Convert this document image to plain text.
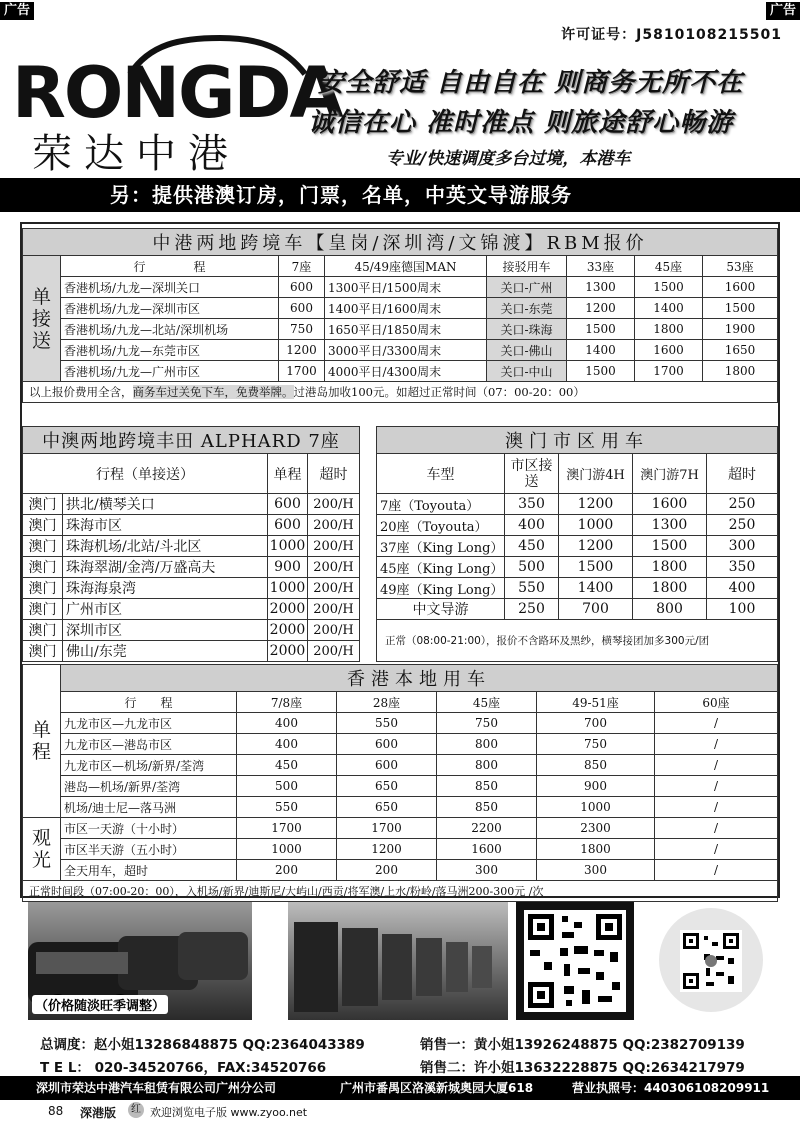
广告	广告
许可证号：J5810108215501
RONGDA
荣达中港
安全舒适 自由自在 则商务无所不在
诚信在心 准时准点 则旅途舒心畅游
专业/快速调度多台过境，本港车
另：提供港澳订房，门票，名单，中英文导游服务
中港两地跨境车【皇岗/深圳湾/文锦渡】RBM报价							
单接送	行　　　　程	7座	45/49座德国MAN	接驳用车	33座	45座	53座
	香港机场/九龙—深圳关口	600	1300平日/1500周末	关口-广州	1300	1500	1600
	香港机场/九龙—深圳市区	600	1400平日/1600周末	关口-东莞	1200	1400	1500
	香港机场/九龙—北站/深圳机场	750	1650平日/1850周末	关口-珠海	1500	1800	1900
	香港机场/九龙—东莞市区	1200	3000平日/3300周末	关口-佛山	1400	1600	1650
	香港机场/九龙—广州市区	1700	4000平日/4300周末	关口-中山	1500	1700	1800
以上报价费用全含，商务车过关免下车，免费举牌。过港岛加收100元。如超过正常时间（07：00-20：00）							
中澳两地跨境丰田 ALPHARD 7座			
行程（单接送）		单程	超时
澳门	拱北/横琴关口	600	200/H
澳门	珠海市区	600	200/H
澳门	珠海机场/北站/斗北区	1000	200/H
澳门	珠海翠湖/金湾/万盛高夫	900	200/H
澳门	珠海海泉湾	1000	200/H
澳门	广州市区	2000	200/H
澳门	深圳市区	2000	200/H
澳门	佛山/东莞	2000	200/H
澳门市区用车				
车型	市区接送	澳门游4H	澳门游7H	超时
7座（Toyouta）	350	1200	1600	250
20座（Toyouta）	400	1000	1300	250
37座（King Long）	450	1200	1500	300
45座（King Long）	500	1500	1800	350
49座（King Long）	550	1400	1800	400
中文导游	250	700	800	100
正常（08:00-21:00），报价不含路环及黑纱，横琴接团加多300元/团				
单程	香港本地用车					
	行　　程	7/8座	28座	45座	49-51座	60座
	九龙市区—九龙市区	400	550	750	700	/
	九龙市区—港岛市区	400	600	800	750	/
	九龙市区—机场/新界/荃湾	450	600	800	850	/
	港岛—机场/新界/荃湾	500	650	850	900	/
	机场/迪士尼—落马洲	550	650	850	1000	/
观光	市区一天游（十小时）	1700	1700	2200	2300	/
	市区半天游（五小时）	1000	1200	1600	1800	/
	全天用车，超时	200	200	300	300	/
正常时间段（07:00-20：00），入机场/新界/迪斯尼/大屿山/西贡/将军澳/上水/粉岭/落马洲200-300元 /次						
（价格随淡旺季调整）
总调度：赵小姐13286848875 QQ:2364043389
T E L： 020-34520766，FAX:34520766
销售一：黄小姐13926248875 QQ:2382709139
销售二：许小姐13632228875 QQ:2634217979
深圳市荣达中港汽车租赁有限公司广州分公司	广州市番禺区洛溪新城奥园大厦618	营业执照号：440306108209911
88 深港版	红 欢迎浏览电子版 www.zyoo.net
